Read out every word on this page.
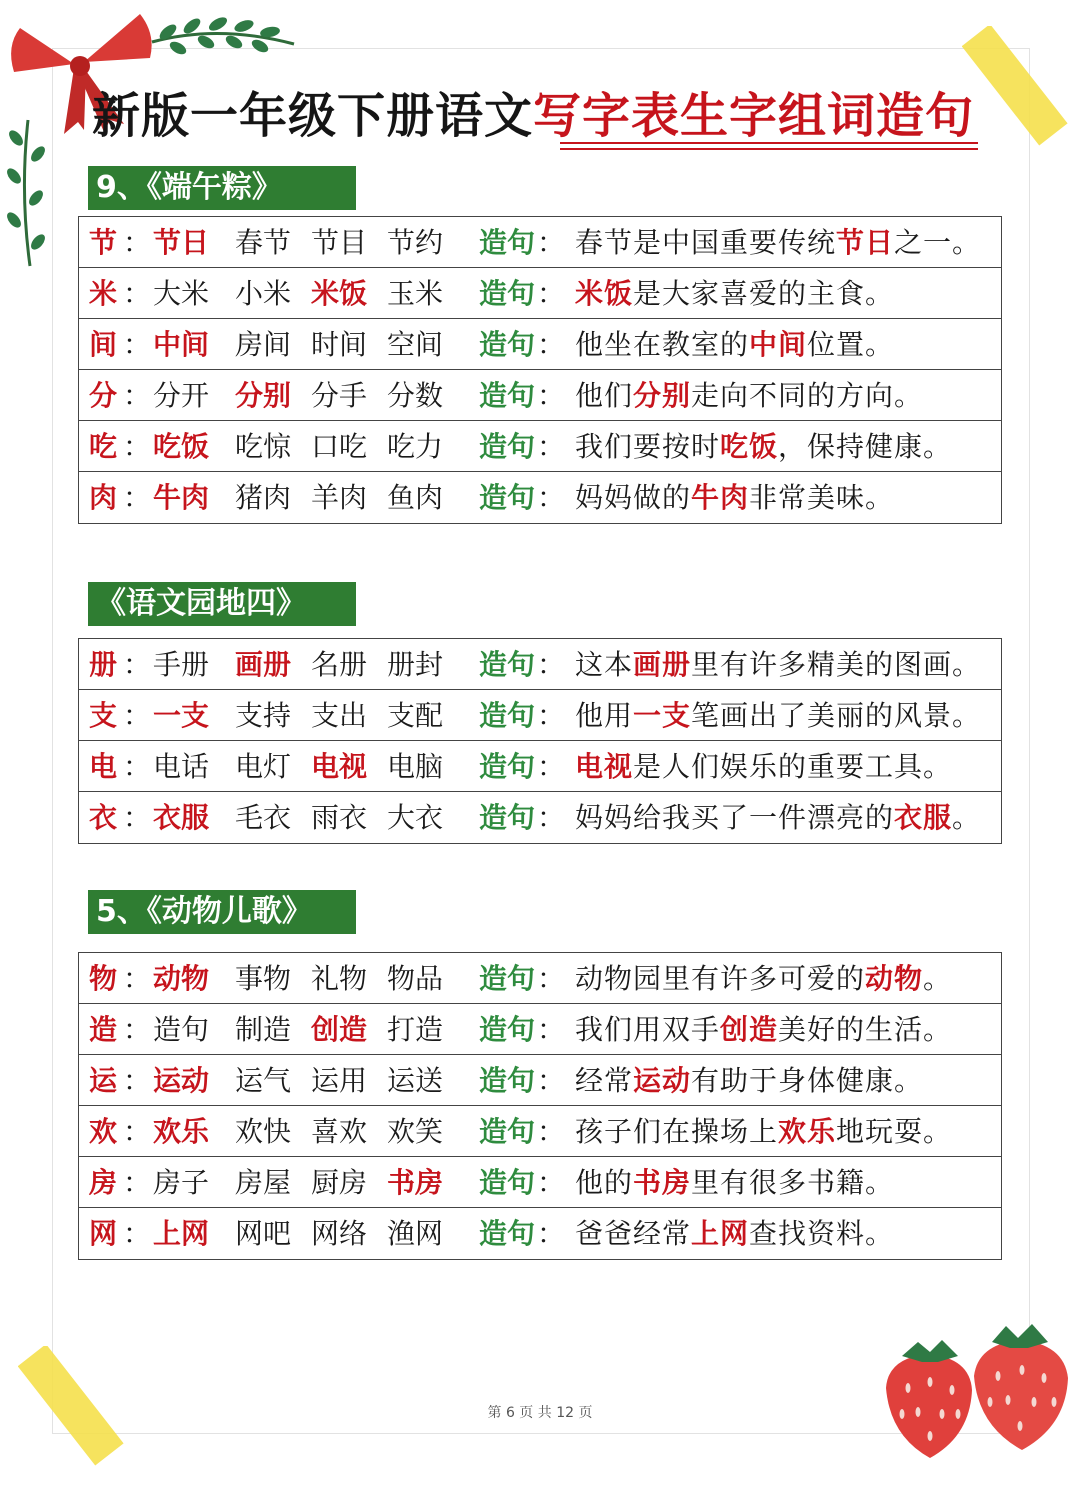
新版一年级下册语文写字表生字组词造句
9、《端午粽》
节 ： 节日 春节 节目 节约 造句 ： 春节是中国重要传统节日之一。
米 ： 大米 小米 米饭 玉米 造句 ： 米饭是大家喜爱的主食。
间 ： 中间 房间 时间 空间 造句 ： 他坐在教室的中间位置。
分 ： 分开 分别 分手 分数 造句 ： 他们分别走向不同的方向。
吃 ： 吃饭 吃惊 口吃 吃力 造句 ： 我们要按时吃饭，保持健康。
肉 ： 牛肉 猪肉 羊肉 鱼肉 造句 ： 妈妈做的牛肉非常美味。
《语文园地四》
册 ： 手册 画册 名册 册封 造句 ： 这本画册里有许多精美的图画。
支 ： 一支 支持 支出 支配 造句 ： 他用一支笔画出了美丽的风景。
电 ： 电话 电灯 电视 电脑 造句 ： 电视是人们娱乐的重要工具。
衣 ： 衣服 毛衣 雨衣 大衣 造句 ： 妈妈给我买了一件漂亮的衣服。
5、《动物儿歌》
物 ： 动物 事物 礼物 物品 造句 ： 动物园里有许多可爱的动物。
造 ： 造句 制造 创造 打造 造句 ： 我们用双手创造美好的生活。
运 ： 运动 运气 运用 运送 造句 ： 经常运动有助于身体健康。
欢 ： 欢乐 欢快 喜欢 欢笑 造句 ： 孩子们在操场上欢乐地玩耍。
房 ： 房子 房屋 厨房 书房 造句 ： 他的书房里有很多书籍。
网 ： 上网 网吧 网络 渔网 造句 ： 爸爸经常上网查找资料。
第 6 页 共 12 页
